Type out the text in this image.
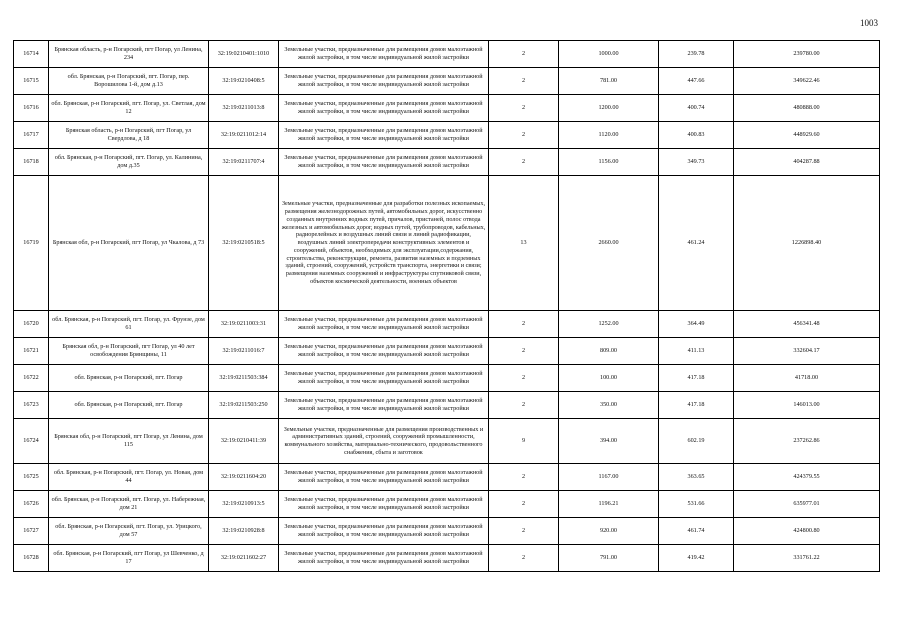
1003
16714	Брянская область, р-н Погарский, пгт Погар, ул Ленина, 234	32:19:0210401:1010	Земельные участки, предназначенные для размещения домов малоэтажной жилой застройки, в том числе индивидуальной жилой застройки	2	1000.00	239.78	239780.00
16715	обл. Брянская, р-н Погарский, пгт. Погар, пер. Ворошилова 1-й, дом д.13	32:19:0210408:5	Земельные участки, предназначенные для размещения домов малоэтажной жилой застройки, в том числе индивидуальной жилой застройки	2	781.00	447.66	349622.46
16716	обл. Брянская, р-н Погарский, пгт. Погар, ул. Светлая, дом 12	32:19:0211013:8	Земельные участки, предназначенные для размещения домов малоэтажной жилой застройки, в том числе индивидуальной жилой застройки	2	1200.00	400.74	480888.00
16717	Брянская область, р-н Погарский, пгт Погар, ул Свердлова, д 18	32:19:0211012:14	Земельные участки, предназначенные для размещения домов малоэтажной жилой застройки, в том числе индивидуальной жилой застройки	2	1120.00	400.83	448929.60
16718	обл. Брянская, р-н Погарский, пгт. Погар, ул. Калинина, дом д.35	32:19:0211707:4	Земельные участки, предназначенные для размещения домов малоэтажной жилой застройки, в том числе индивидуальной жилой застройки	2	1156.00	349.73	404287.88
16719	Брянская обл, р-н Погарский, пгт Погар, ул Чкалова, д 73	32:19:0210518:5	Земельные участки, предназначенные для разработки полезных ископаемых, размещения железнодорожных путей, автомобильных дорог, искусственно созданных внутренних водных путей, причалов, пристаней, полос отвода железных и автомобильных дорог, водных путей, трубопроводов, кабельных, радиорелейных и воздушных линий связи и линий радиофикации, воздушных линий электропередачи конструктивных элементов и сооружений, объектов, необходимых для эксплуатации,содержания, строительства, реконструкции, ремонта, развития наземных и подземных зданий, строений, сооружений, устройств транспорта, энергетики и связи; размещения наземных сооружений и инфраструктуры спутниковой связи, объектов космической деятельности, военных объектов	13	2660.00	461.24	1226898.40
16720	обл. Брянская, р-н Погарский, пгт. Погар, ул. Фрунзе, дом 61	32:19:0211003:31	Земельные участки, предназначенные для размещения домов малоэтажной жилой застройки, в том числе индивидуальной жилой застройки	2	1252.00	364.49	456341.48
16721	Брянская обл, р-н Погарский, пгт Погар, ул 40 лет освобождения Брянщины, 11	32:19:0211016:7	Земельные участки, предназначенные для размещения домов малоэтажной жилой застройки, в том числе индивидуальной жилой застройки	2	809.00	411.13	332604.17
16722	обл. Брянская, р-н Погарский, пгт. Погар	32:19:0211503:384	Земельные участки, предназначенные для размещения домов малоэтажной жилой застройки, в том числе индивидуальной жилой застройки	2	100.00	417.18	41718.00
16723	обл. Брянская, р-н Погарский, пгт. Погар	32:19:0211503:250	Земельные участки, предназначенные для размещения домов малоэтажной жилой застройки, в том числе индивидуальной жилой застройки	2	350.00	417.18	146013.00
16724	Брянская обл, р-н Погарский, пгт Погар, ул Ленина, дом 115	32:19:0210411:39	Земельные участки, предназначенные для размещения производственных и административных зданий, строений, сооружений промышленности, коммунального хозяйства, материально-технического, продовольственного снабжения, сбыта и заготовок	9	394.00	602.19	237262.86
16725	обл. Брянская, р-н Погарский, пгт. Погар, ул. Новая, дом 44	32:19:0211604:20	Земельные участки, предназначенные для размещения домов малоэтажной жилой застройки, в том числе индивидуальной жилой застройки	2	1167.00	363.65	424379.55
16726	обл. Брянская, р-н Погарский, пгт. Погар, ул. Набережная, дом 21	32:19:0210913:5	Земельные участки, предназначенные для размещения домов малоэтажной жилой застройки, в том числе индивидуальной жилой застройки	2	1196.21	531.66	635977.01
16727	обл. Брянская, р-н Погарский, пгт. Погар, ул. Урицкого, дом 57	32:19:0210928:8	Земельные участки, предназначенные для размещения домов малоэтажной жилой застройки, в том числе индивидуальной жилой застройки	2	920.00	461.74	424800.80
16728	обл. Брянская, р-н Погарский, пгт Погар, ул Шевченко, д 17	32:19:0211602:27	Земельные участки, предназначенные для размещения домов малоэтажной жилой застройки, в том числе индивидуальной жилой застройки	2	791.00	419.42	331761.22
